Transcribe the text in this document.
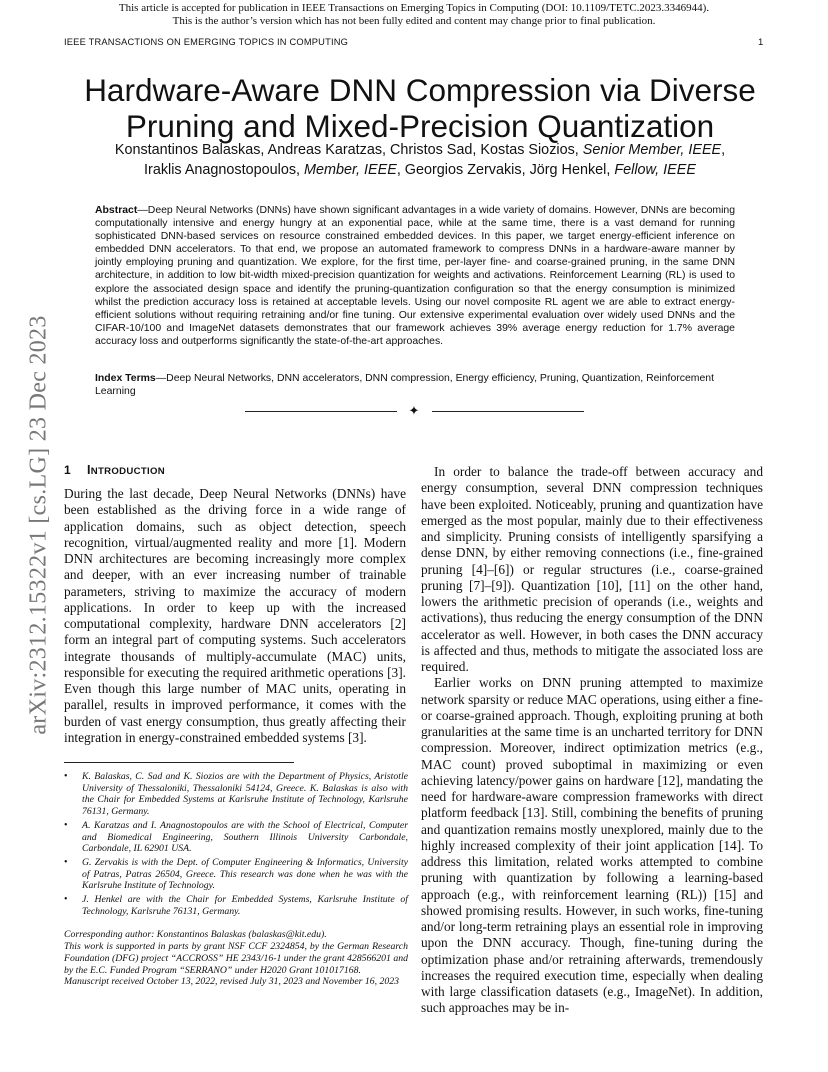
This article is accepted for publication in IEEE Transactions on Emerging Topics in Computing (DOI: 10.1109/TETC.2023.3346944).
This is the author’s version which has not been fully edited and content may change prior to final publication.
IEEE TRANSACTIONS ON EMERGING TOPICS IN COMPUTING	1
Hardware-Aware DNN Compression via Diverse
Pruning and Mixed-Precision Quantization
Konstantinos Balaskas, Andreas Karatzas, Christos Sad, Kostas Siozios, Senior Member, IEEE,
Iraklis Anagnostopoulos, Member, IEEE, Georgios Zervakis, Jörg Henkel, Fellow, IEEE
Abstract—Deep Neural Networks (DNNs) have shown significant advantages in a wide variety of domains. However, DNNs are becoming computationally intensive and energy hungry at an exponential pace, while at the same time, there is a vast demand for running sophisticated DNN-based services on resource constrained embedded devices. In this paper, we target energy-efficient inference on embedded DNN accelerators. To that end, we propose an automated framework to compress DNNs in a hardware-aware manner by jointly employing pruning and quantization. We explore, for the first time, per-layer fine- and coarse-grained pruning, in the same DNN architecture, in addition to low bit-width mixed-precision quantization for weights and activations. Reinforcement Learning (RL) is used to explore the associated design space and identify the pruning-quantization configuration so that the energy consumption is minimized whilst the prediction accuracy loss is retained at acceptable levels. Using our novel composite RL agent we are able to extract energy-efficient solutions without requiring retraining and/or fine tuning. Our extensive experimental evaluation over widely used DNNs and the CIFAR-10/100 and ImageNet datasets demonstrates that our framework achieves 39% average energy reduction for 1.7% average accuracy loss and outperforms significantly the state-of-the-art approaches.
Index Terms—Deep Neural Networks, DNN accelerators, DNN compression, Energy efficiency, Pruning, Quantization, Reinforcement Learning
✦
arXiv:2312.15322v1 [cs.LG] 23 Dec 2023 1 INTRODUCTION

During the last decade, Deep Neural Networks (DNNs) have been established as the driving force in a wide range of application domains, such as object detection, speech recognition, virtual/augmented reality and more [1]. Modern DNN architectures are becoming increasingly more complex and deeper, with an ever increasing number of trainable parameters, striving to maximize the accuracy of modern applications. In order to keep up with the increased computational complexity, hardware DNN accelerators [2] form an integral part of computing systems. Such accelerators integrate thousands of multiply-accumulate (MAC) units, responsible for executing the required arithmetic operations [3]. Even though this large number of MAC units, operating in parallel, results in improved performance, it comes with the burden of vast energy consumption, thus greatly affecting their integration in energy-constrained embedded systems [3].

• K. Balaskas, C. Sad and K. Siozios are with the Department of Physics, Aristotle University of Thessaloniki, Thessaloniki 54124, Greece. K. Balaskas is also with the Chair for Embedded Systems at Karlsruhe Institute of Technology, Karlsruhe 76131, Germany.
• A. Karatzas and I. Anagnostopoulos are with the School of Electrical, Computer and Biomedical Engineering, Southern Illinois University Carbondale, Carbondale, IL 62901 USA.
• G. Zervakis is with the Dept. of Computer Engineering & Informatics, University of Patras, Patras 26504, Greece. This research was done when he was with the Karlsruhe Institute of Technology.
• J. Henkel are with the Chair for Embedded Systems, Karlsruhe Institute of Technology, Karlsruhe 76131, Germany.
Corresponding author: Konstantinos Balaskas (balaskas@kit.edu).
This work is supported in parts by grant NSF CCF 2324854, by the German Research Foundation (DFG) project “ACCROSS” HE 2343/16-1 under the grant 428566201 and by the E.C. Funded Program “SERRANO” under H2020 Grant 101017168.
Manuscript received October 13, 2022, revised July 31, 2023 and November 16, 2023

In order to balance the trade-off between accuracy and energy consumption, several DNN compression techniques have been exploited. Noticeably, pruning and quantization have emerged as the most popular, mainly due to their effectiveness and simplicity. Pruning consists of intelligently sparsifying a dense DNN, by either removing connections (i.e., fine-grained pruning [4]–[6]) or regular structures (i.e., coarse-grained pruning [7]–[9]). Quantization [10], [11] on the other hand, lowers the arithmetic precision of operands (i.e., weights and activations), thus reducing the energy consumption of the DNN accelerator as well. However, in both cases the DNN accuracy is affected and thus, methods to mitigate the associated loss are required.

Earlier works on DNN pruning attempted to maximize network sparsity or reduce MAC operations, using either a fine- or coarse-grained approach. Though, exploiting pruning at both granularities at the same time is an uncharted territory for DNN compression. Moreover, indirect optimization metrics (e.g., MAC count) proved suboptimal in maximizing or even achieving latency/power gains on hardware [12], mandating the need for hardware-aware compression frameworks with direct platform feedback [13]. Still, combining the benefits of pruning and quantization remains mostly unexplored, mainly due to the highly increased complexity of their joint application [14]. To address this limitation, related works attempted to combine pruning with quantization by following a learning-based approach (e.g., with reinforcement learning (RL)) [15] and showed promising results. However, in such works, fine-tuning and/or long-term retraining plays an essential role in improving upon the DNN accuracy. Though, fine-tuning during the optimization phase and/or retraining afterwards, tremendously increases the required execution time, especially when dealing with large classification datasets (e.g., ImageNet). In addition, such approaches may be in-
